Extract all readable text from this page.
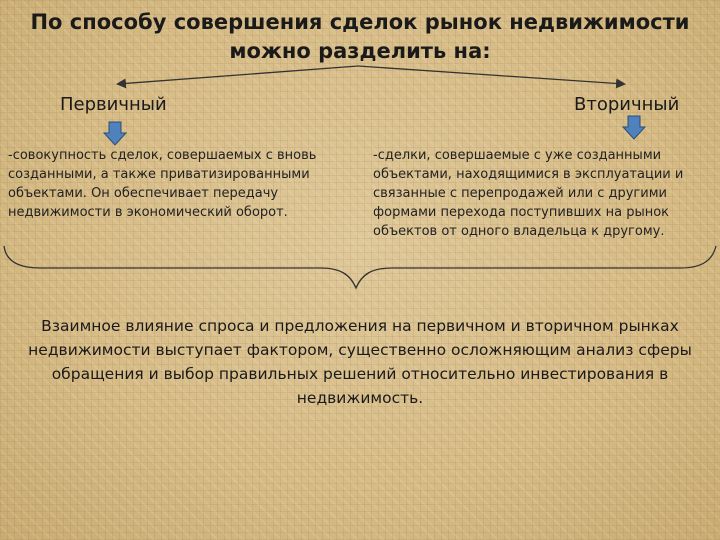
По способу совершения сделок рынок недвижимости
можно разделить на:
Первичный	Вторичный
-совокупность сделок, совершаемых с вновь созданными, а также приватизированными объектами. Он обеспечивает передачу недвижимости в экономический оборот.
-сделки, совершаемые с уже созданными объектами, находящимися в эксплуатации и связанные с перепродажей или с другими формами перехода поступивших на рынок объектов от одного владельца к другому.
Взаимное влияние спроса и предложения на первичном и вторичном рынках недвижимости выступает фактором, существенно осложняющим анализ сферы обращения и выбор правильных решений относительно инвестирования в недвижимость.
